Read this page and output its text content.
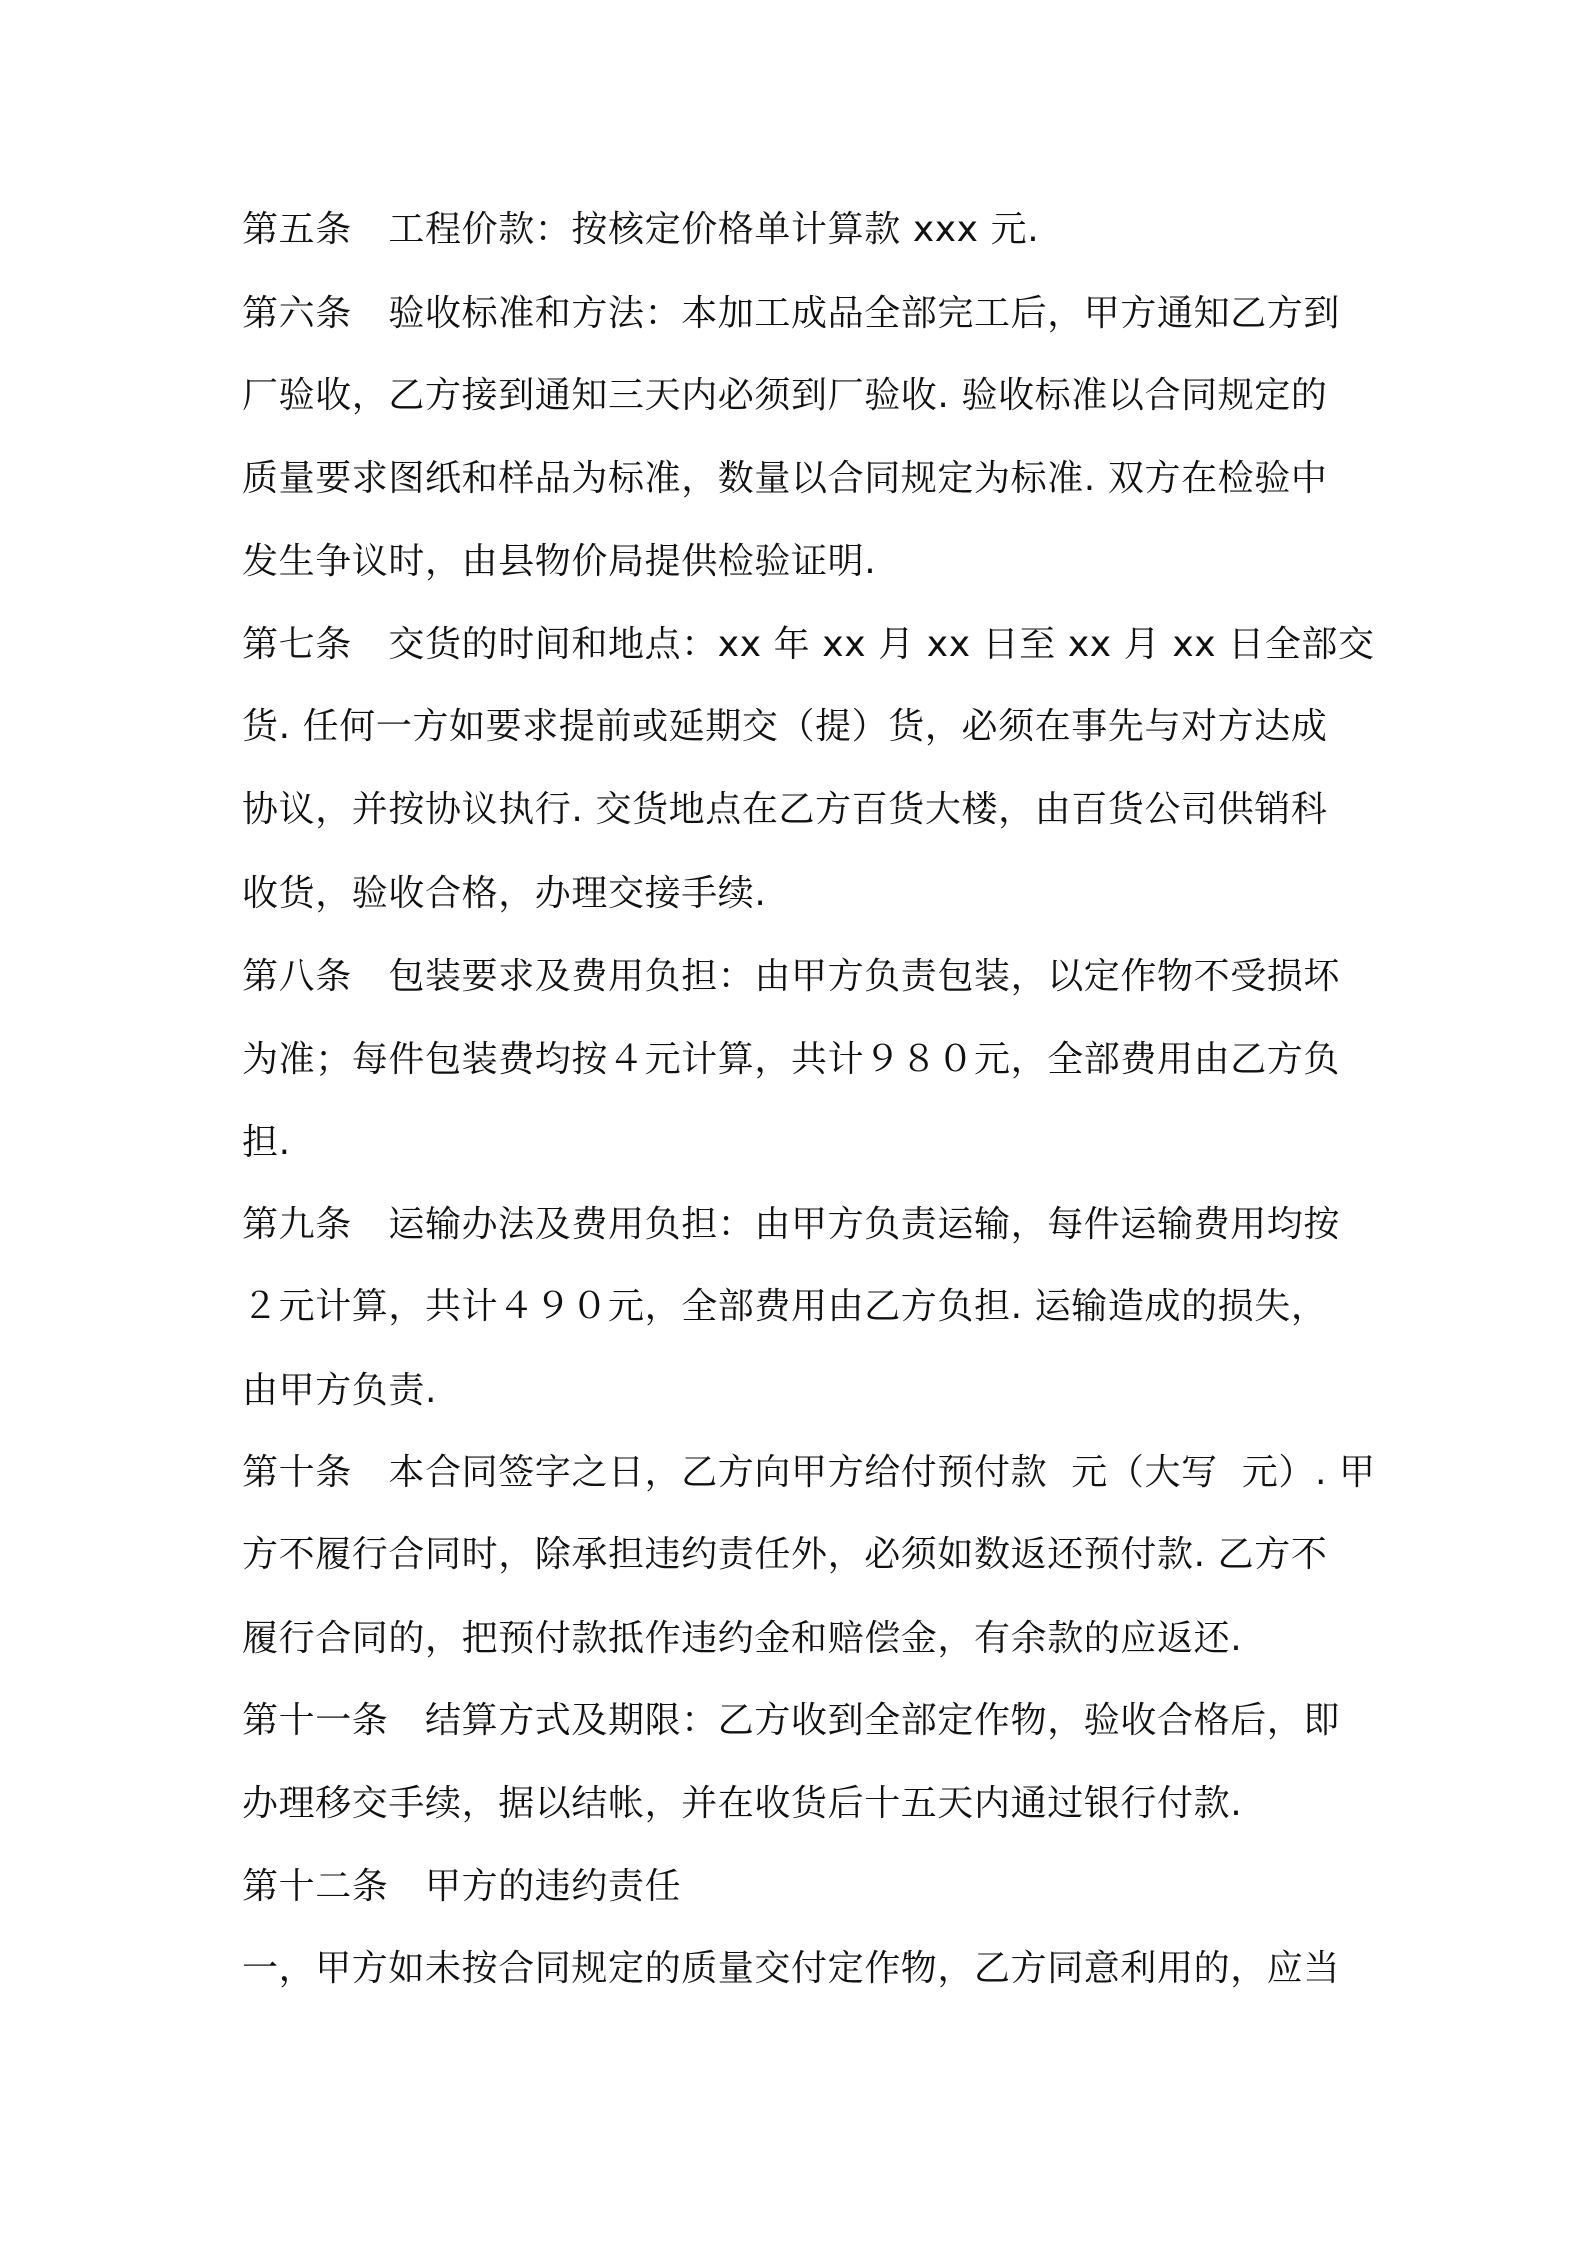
第五条　工程价款：按核定价格单计算款 xxx 元.
第六条　验收标准和方法：本加工成品全部完工后，甲方通知乙方到
厂验收，乙方接到通知三天内必须到厂验收. 验收标准以合同规定的
质量要求图纸和样品为标准，数量以合同规定为标准. 双方在检验中
发生争议时，由县物价局提供检验证明.
第七条　交货的时间和地点：xx 年 xx 月 xx 日至 xx 月 xx 日全部交
货. 任何一方如要求提前或延期交（提）货，必须在事先与对方达成
协议，并按协议执行. 交货地点在乙方百货大楼，由百货公司供销科
收货，验收合格，办理交接手续.
第八条　包装要求及费用负担：由甲方负责包装，以定作物不受损坏
为准；每件包装费均按４元计算，共计９８０元，全部费用由乙方负
担.
第九条　运输办法及费用负担：由甲方负责运输，每件运输费用均按
２元计算，共计４９０元，全部费用由乙方负担. 运输造成的损失，
由甲方负责.
第十条　本合同签字之日，乙方向甲方给付预付款  元（大写  元）. 甲
方不履行合同时，除承担违约责任外，必须如数返还预付款. 乙方不
履行合同的，把预付款抵作违约金和赔偿金，有余款的应返还.
第十一条　结算方式及期限：乙方收到全部定作物，验收合格后，即
办理移交手续，据以结帐，并在收货后十五天内通过银行付款.
第十二条　甲方的违约责任
一，甲方如未按合同规定的质量交付定作物，乙方同意利用的，应当
